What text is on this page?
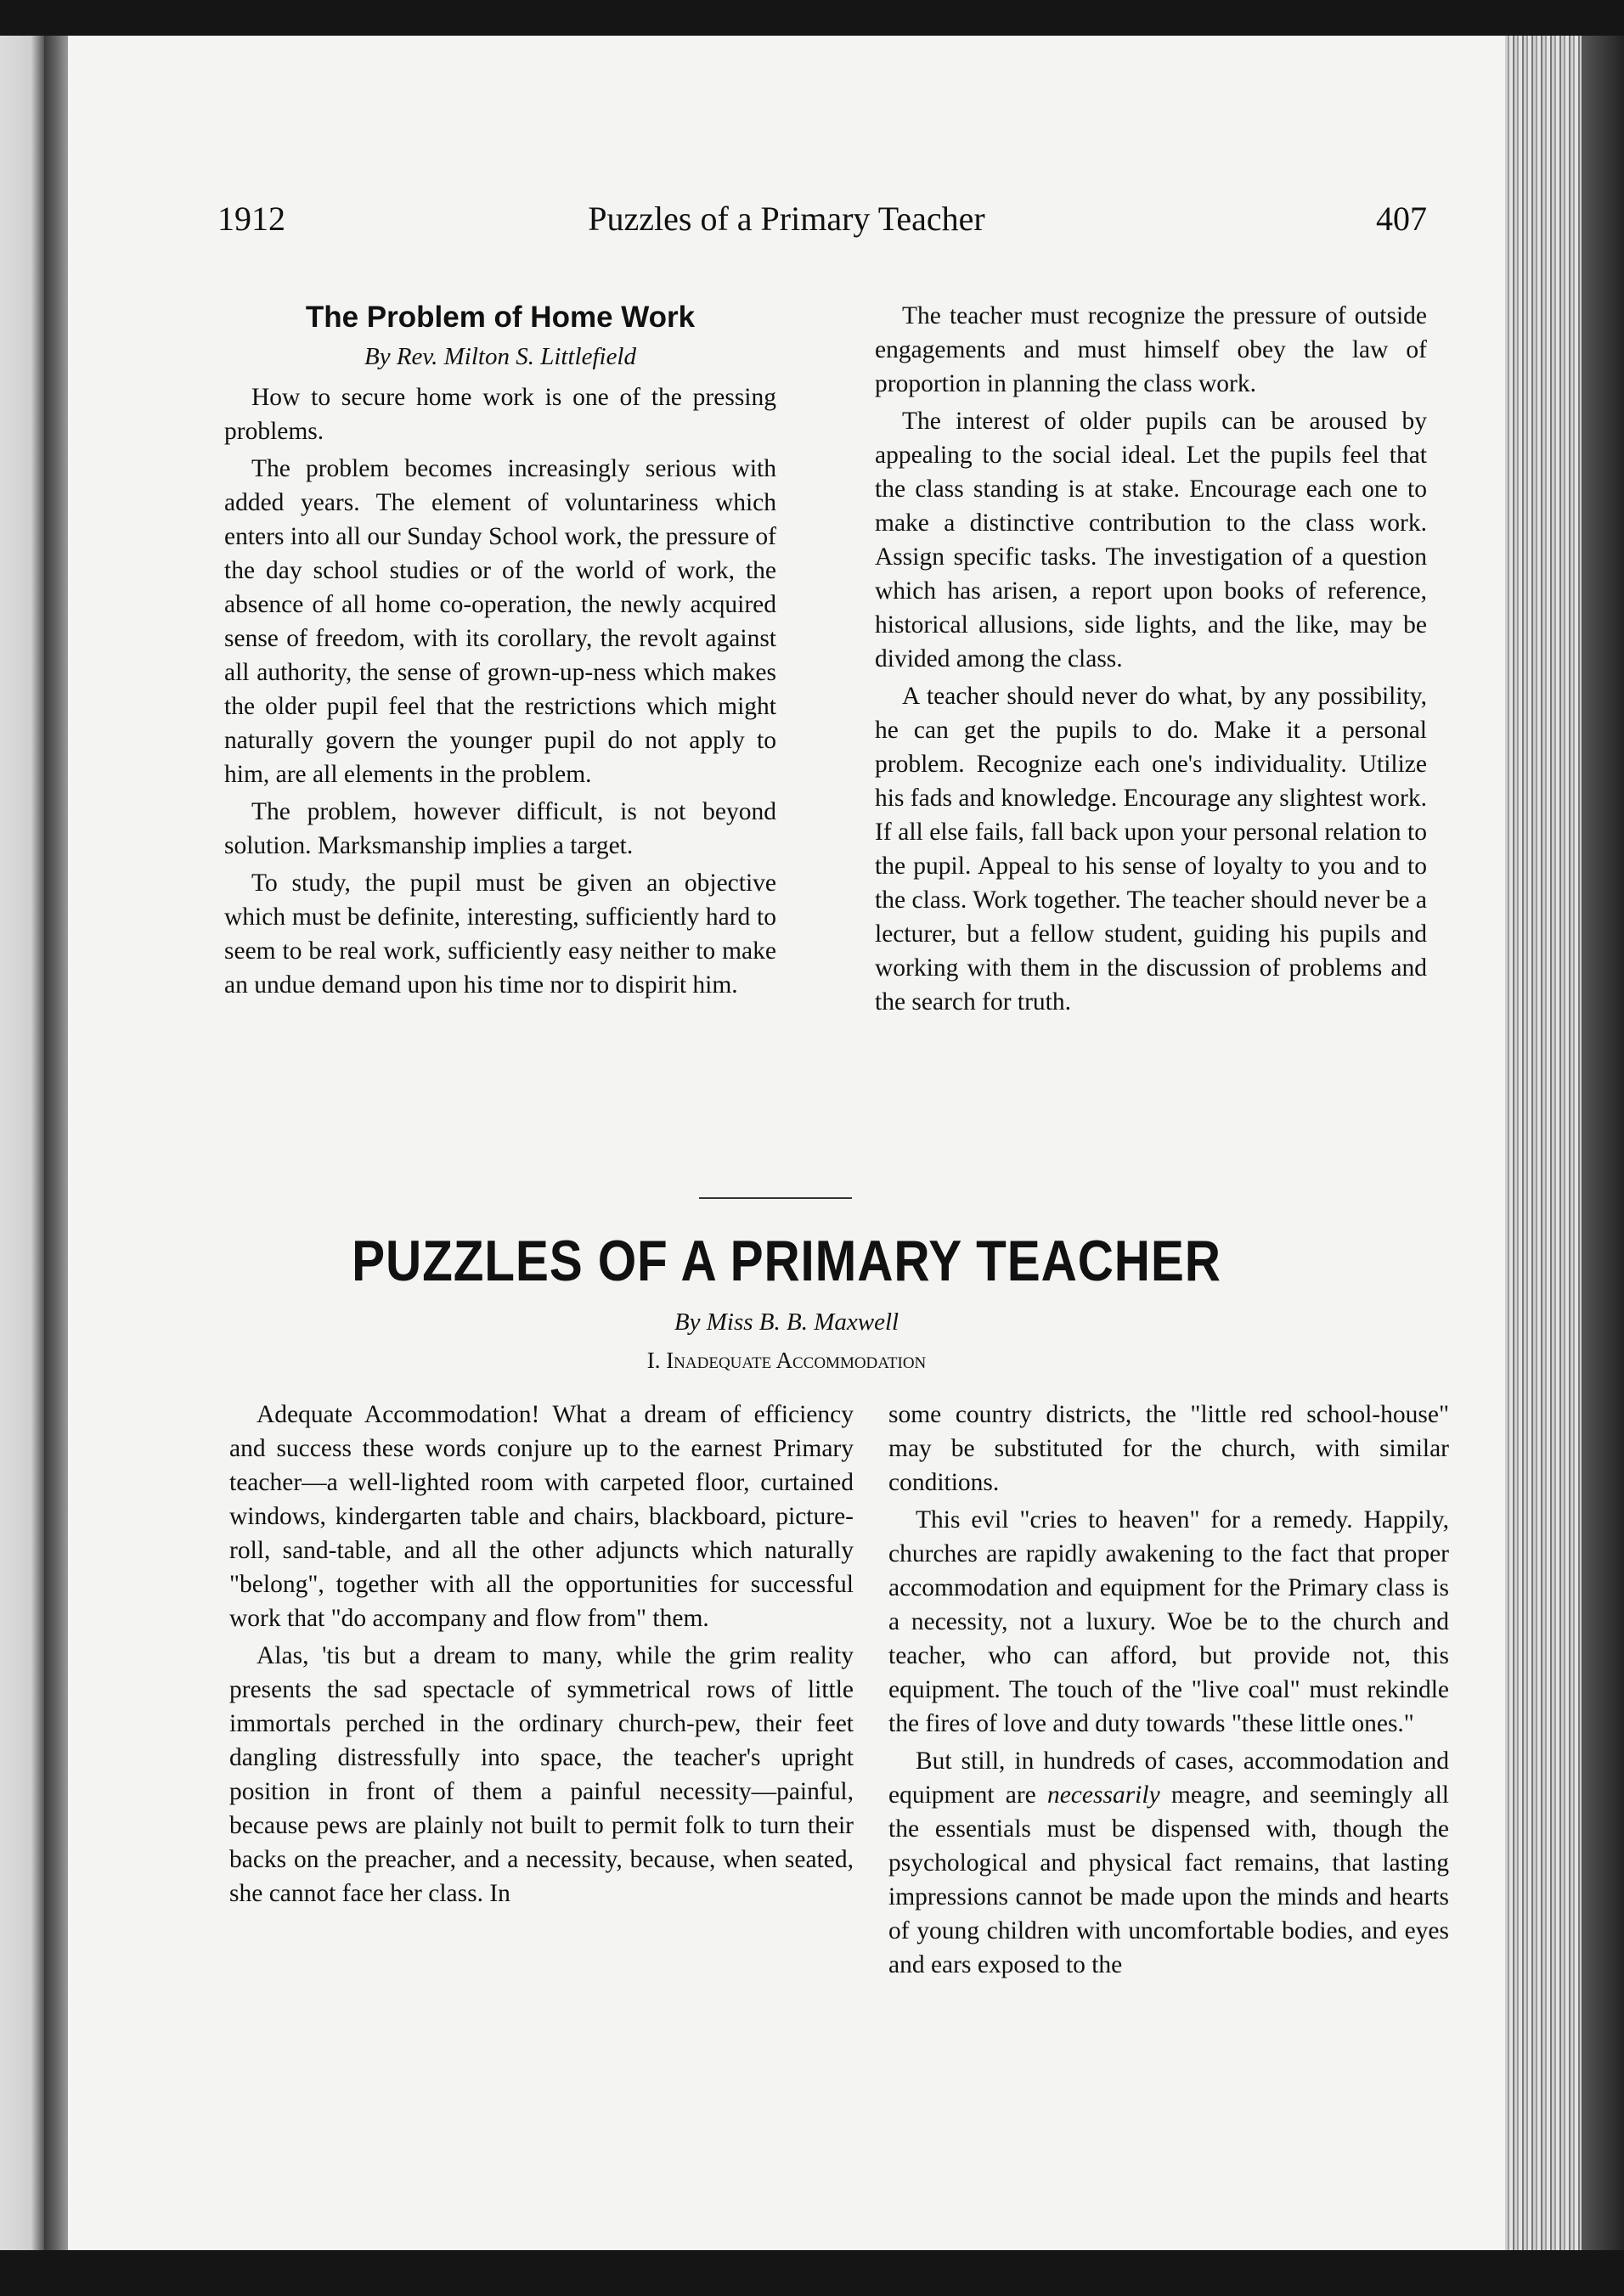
1912	Puzzles of a Primary Teacher	407
The Problem of Home Work
By Rev. Milton S. Littlefield

How to secure home work is one of the pressing problems.

The problem becomes increasingly serious with added years. The element of voluntariness which enters into all our Sunday School work, the pressure of the day school studies or of the world of work, the absence of all home co-operation, the newly acquired sense of freedom, with its corollary, the revolt against all authority, the sense of grown-up-ness which makes the older pupil feel that the restrictions which might naturally govern the younger pupil do not apply to him, are all elements in the problem.

The problem, however difficult, is not beyond solution. Marksmanship implies a target.

To study, the pupil must be given an objective which must be definite, interesting, sufficiently hard to seem to be real work, sufficiently easy neither to make an undue demand upon his time nor to dispirit him.

The teacher must recognize the pressure of outside engagements and must himself obey the law of proportion in planning the class work.

The interest of older pupils can be aroused by appealing to the social ideal. Let the pupils feel that the class standing is at stake. Encourage each one to make a distinctive contribution to the class work. Assign specific tasks. The investigation of a question which has arisen, a report upon books of reference, historical allusions, side lights, and the like, may be divided among the class.

A teacher should never do what, by any possibility, he can get the pupils to do. Make it a personal problem. Recognize each one's individuality. Utilize his fads and knowledge. Encourage any slightest work. If all else fails, fall back upon your personal relation to the pupil. Appeal to his sense of loyalty to you and to the class. Work together. The teacher should never be a lecturer, but a fellow student, guiding his pupils and working with them in the discussion of problems and the search for truth.

PUZZLES OF A PRIMARY TEACHER
By Miss B. B. Maxwell
I. Inadequate Accommodation

Adequate Accommodation! What a dream of efficiency and success these words conjure up to the earnest Primary teacher—a well-lighted room with carpeted floor, curtained windows, kindergarten table and chairs, blackboard, picture-roll, sand-table, and all the other adjuncts which naturally "belong", together with all the opportunities for successful work that "do accompany and flow from" them.

Alas, 'tis but a dream to many, while the grim reality presents the sad spectacle of symmetrical rows of little immortals perched in the ordinary church-pew, their feet dangling distressfully into space, the teacher's upright position in front of them a painful necessity—painful, because pews are plainly not built to permit folk to turn their backs on the preacher, and a necessity, because, when seated, she cannot face her class. In

some country districts, the "little red school-house" may be substituted for the church, with similar conditions.

This evil "cries to heaven" for a remedy. Happily, churches are rapidly awakening to the fact that proper accommodation and equipment for the Primary class is a necessity, not a luxury. Woe be to the church and teacher, who can afford, but provide not, this equipment. The touch of the "live coal" must rekindle the fires of love and duty towards "these little ones."

But still, in hundreds of cases, accommodation and equipment are necessarily meagre, and seemingly all the essentials must be dispensed with, though the psychological and physical fact remains, that lasting impressions cannot be made upon the minds and hearts of young children with uncomfortable bodies, and eyes and ears exposed to the
